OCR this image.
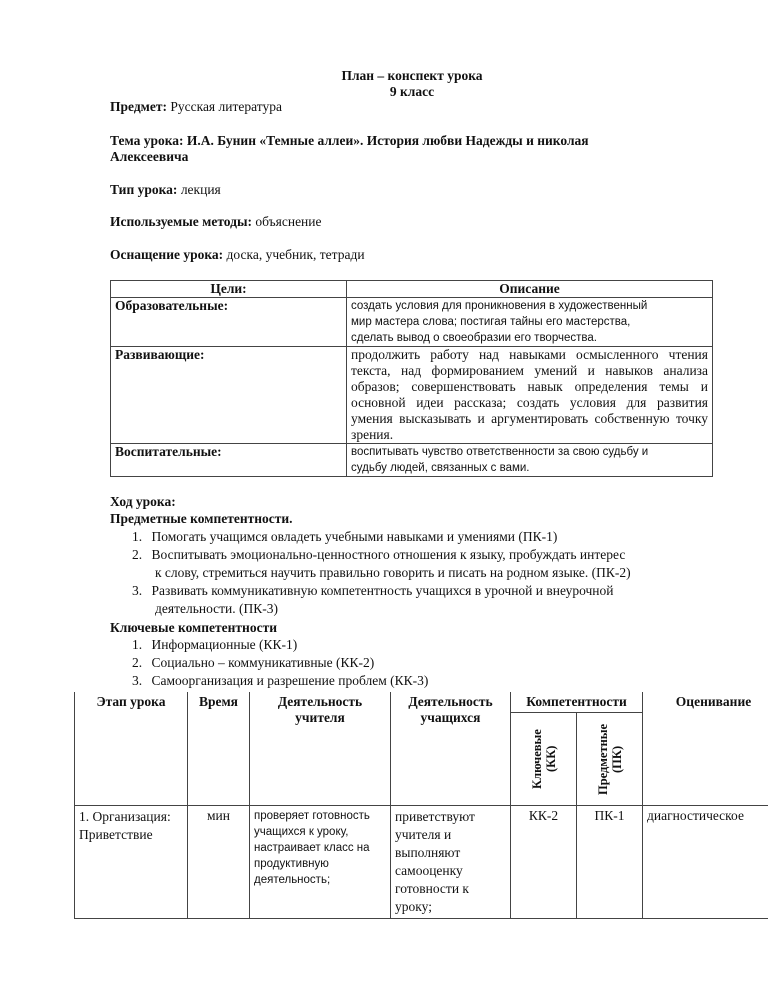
План – конспект урока
9 класс
Предмет: Русская литература
Тема урока: И.А. Бунин «Темные аллеи». История любви Надежды и николая
Алексеевича
Тип урока: лекция
Используемые методы: объяснение
Оснащение урока: доска, учебник, тетради
Цели:	Описание
Образовательные:	создать условия для проникновения в художественный
мир мастера слова; постигая тайны его мастерства,
сделать вывод о своеобразии его творчества.

Развивающие:	продолжить работу над навыками осмысленного чтения текста, над формированием умений и навыков анализа образов; совершенствовать навык определения темы и основной идеи рассказа; создать условия для развития умения высказывать и аргументировать собственную точку зрения.
Воспитательные:	воспитывать чувство ответственности за свою судьбу и
судьбу людей, связанных с вами.
Ход урока:
Предметные компетентности.
1. Помогать учащимся овладеть учебными навыками и умениями (ПК-1)
2. Воспитывать эмоционально-ценностного отношения к языку, пробуждать интерес
к слову, стремиться научить правильно говорить и писать на родном языке. (ПК-2)
3. Развивать коммуникативную компетентность учащихся в урочной и внеурочной
деятельности. (ПК-3)
Ключевые компетентности
1. Информационные (КК-1)
2. Социально – коммуникативные (КК-2)
3. Самоорганизация и разрешение проблем (КК-3)
Этап урока	Время	Деятельность учителя	Деятельность учащихся	Компетентности		Оценивание

				Ключевые (КК)	Предметные (ПК)	

1. Организация: Приветствие	мин	проверяет готовность учащихся к уроку, настраивает класс на продуктивную деятельность;	приветствуют учителя и выполняют самооценку готовности к уроку;	КК-2	ПК-1	диагностическое
